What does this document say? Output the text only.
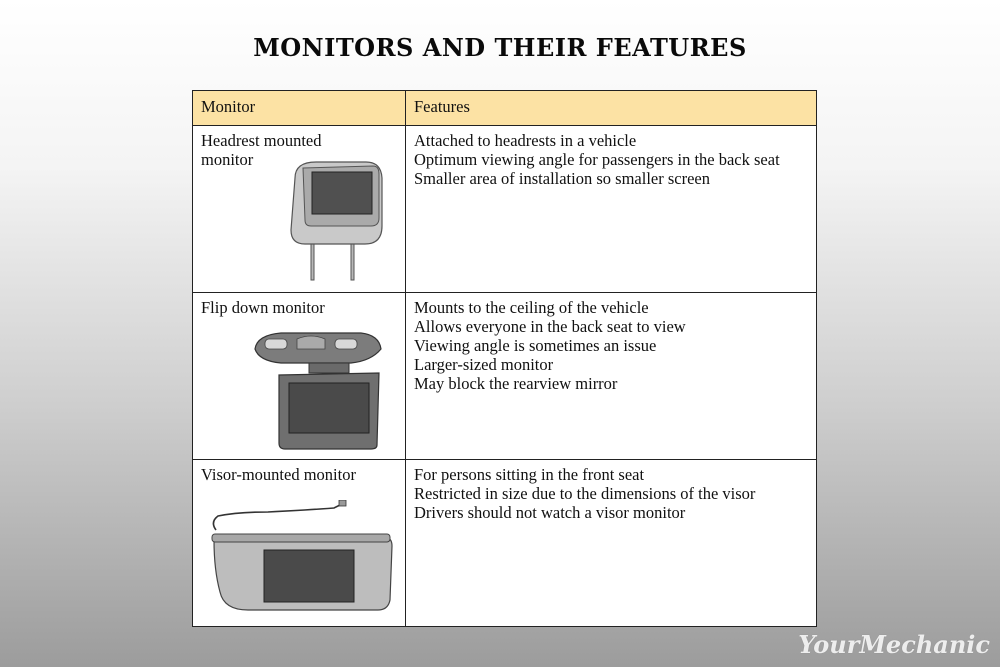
MONITORS AND THEIR FEATURES
Monitor	Features

Headrest mounted monitor	Attached to headrests in a vehicle
Optimum viewing angle for passengers in the back seat
Smaller area of installation so smaller screen

Flip down monitor	Mounts to the ceiling of the vehicle
Allows everyone in the back seat to view
Viewing angle is sometimes an issue
Larger-sized monitor
May block the rearview mirror

Visor-mounted monitor	For persons sitting in the front seat
Restricted in size due to the dimensions of the visor
Drivers should not watch a visor monitor
YourMechanic
